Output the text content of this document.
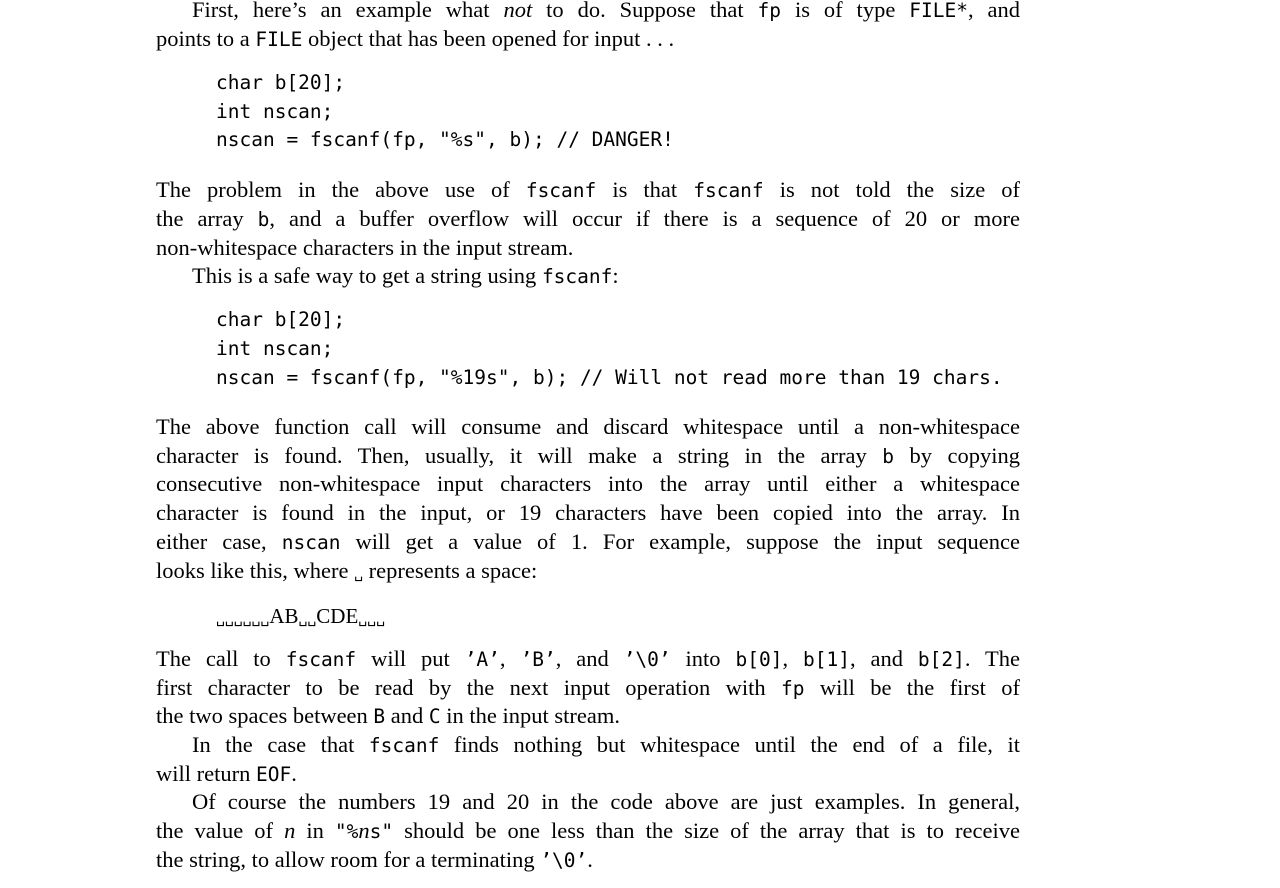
First, here’s an example what not to do. Suppose that fp is of type FILE*, and
points to a FILE object that has been opened for input . . .
char b[20];
int nscan;
nscan = fscanf(fp, "%s", b); // DANGER!
The problem in the above use of fscanf is that fscanf is not told the size of
the array b, and a buffer overflow will occur if there is a sequence of 20 or more
non-whitespace characters in the input stream.
This is a safe way to get a string using fscanf:
char b[20];
int nscan;
nscan = fscanf(fp, "%19s", b); // Will not read more than 19 chars.
The above function call will consume and discard whitespace until a non-whitespace
character is found. Then, usually, it will make a string in the array b by copying
consecutive non-whitespace input characters into the array until either a whitespace
character is found in the input, or 19 characters have been copied into the array. In
either case, nscan will get a value of 1. For example, suppose the input sequence
looks like this, where ␣ represents a space:
␣␣␣␣␣␣AB␣␣CDE␣␣␣
The call to fscanf will put ’A’, ’B’, and ’\0’ into b[0], b[1], and b[2]. The
first character to be read by the next input operation with fp will be the first of
the two spaces between B and C in the input stream.
In the case that fscanf finds nothing but whitespace until the end of a file, it
will return EOF.
Of course the numbers 19 and 20 in the code above are just examples. In general,
the value of n in "%ns" should be one less than the size of the array that is to receive
the string, to allow room for a terminating ’\0’.
